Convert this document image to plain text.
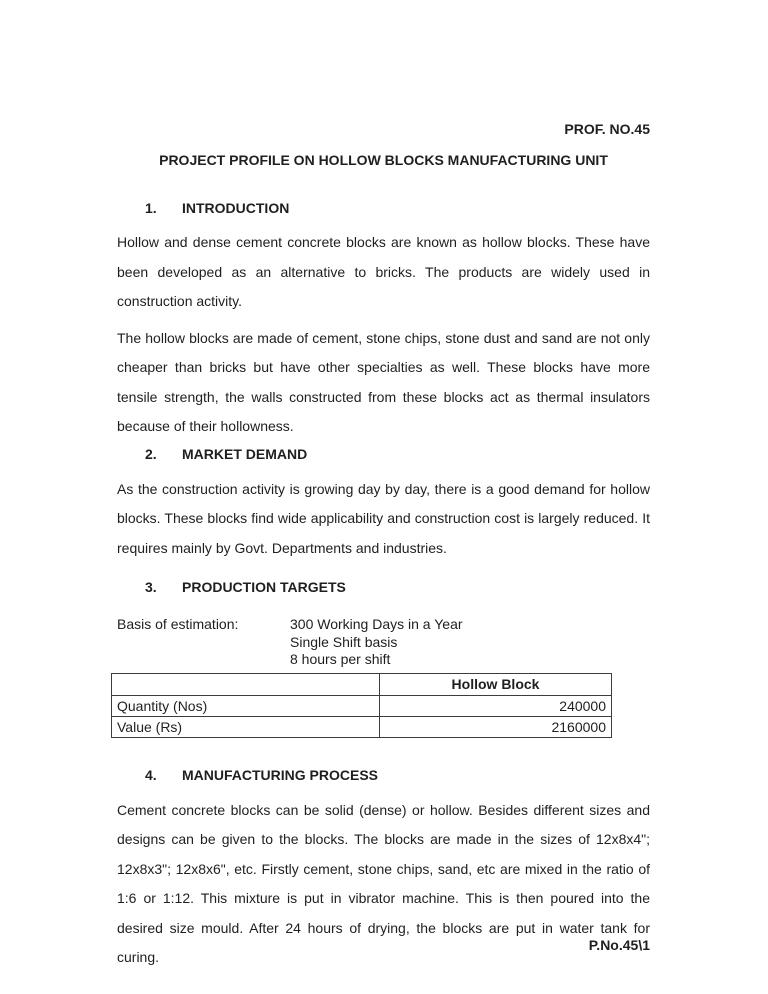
PROF. NO.45
PROJECT PROFILE ON HOLLOW BLOCKS MANUFACTURING UNIT
1.	INTRODUCTION

Hollow and dense cement concrete blocks are known as hollow blocks. These have been developed as an alternative to bricks. The products are widely used in construction activity.

The hollow blocks are made of cement, stone chips, stone dust and sand are not only cheaper than bricks but have other specialties as well. These blocks have more tensile strength, the walls constructed from these blocks act as thermal insulators because of their hollowness.

2.	MARKET DEMAND

As the construction activity is growing day by day, there is a good demand for hollow blocks. These blocks find wide applicability and construction cost is largely reduced. It requires mainly by Govt. Departments and industries.

3.	PRODUCTION TARGETS
Basis of estimation:	300 Working Days in a Year
Single Shift basis
8 hours per shift
	Hollow Block
Quantity (Nos)	240000
Value (Rs)	2160000
4.	MANUFACTURING PROCESS

Cement concrete blocks can be solid (dense) or hollow. Besides different sizes and designs can be given to the blocks. The blocks are made in the sizes of 12x8x4"; 12x8x3"; 12x8x6", etc. Firstly cement, stone chips, sand, etc are mixed in the ratio of 1:6 or 1:12. This mixture is put in vibrator machine. This is then poured into the desired size mould. After 24 hours of drying, the blocks are put in water tank for curing.

P.No.45\1
